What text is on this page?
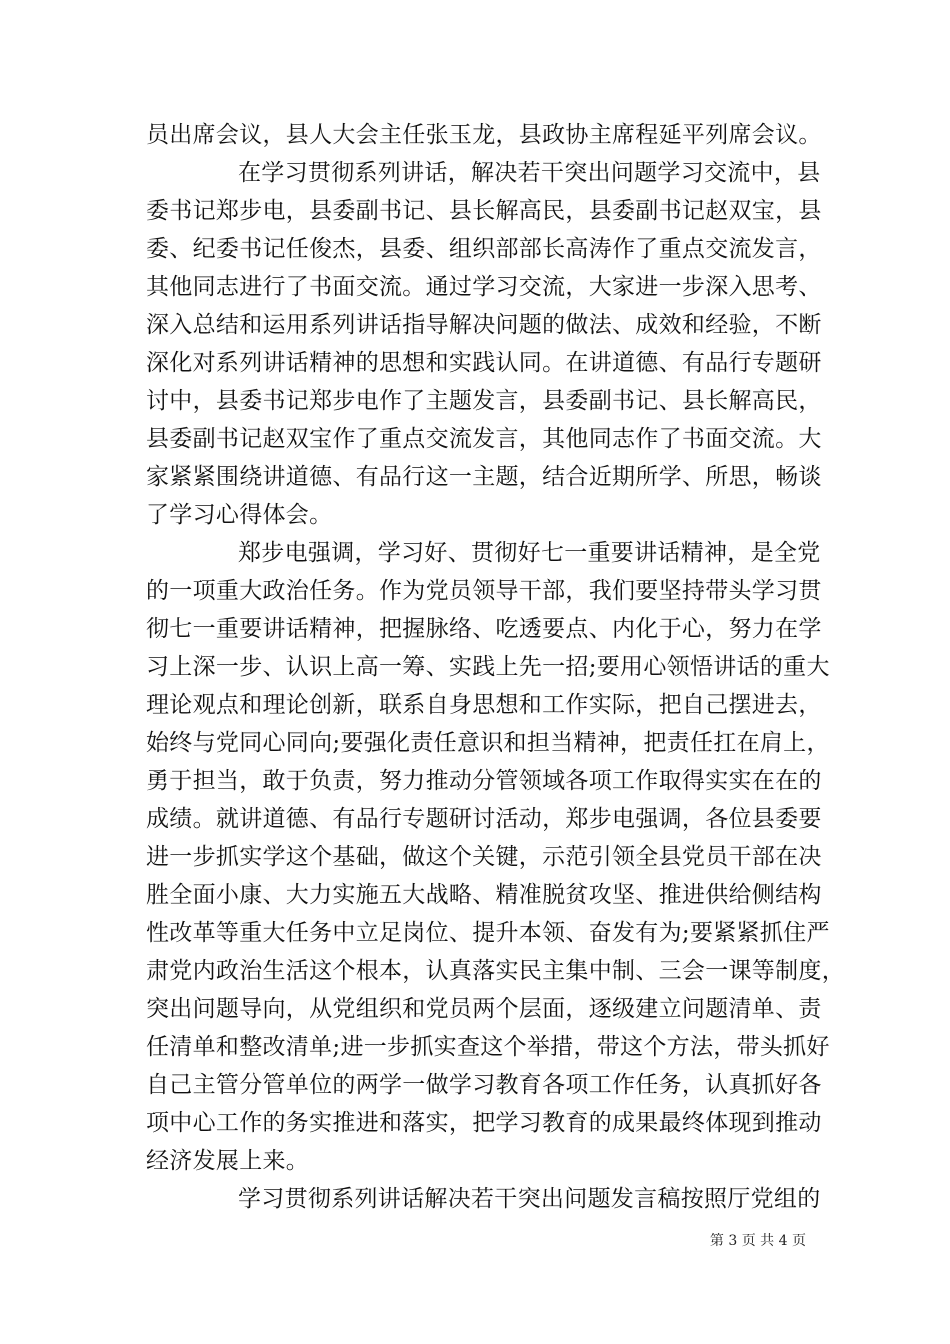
员出席会议，县人大会主任张玉龙，县政协主席程延平列席会议。
在学习贯彻系列讲话，解决若干突出问题学习交流中，县
委书记郑步电，县委副书记、县长解高民，县委副书记赵双宝，县
委、纪委书记任俊杰，县委、组织部部长高涛作了重点交流发言，
其他同志进行了书面交流。通过学习交流，大家进一步深入思考、
深入总结和运用系列讲话指导解决问题的做法、成效和经验，不断
深化对系列讲话精神的思想和实践认同。在讲道德、有品行专题研
讨中，县委书记郑步电作了主题发言，县委副书记、县长解高民，
县委副书记赵双宝作了重点交流发言，其他同志作了书面交流。大
家紧紧围绕讲道德、有品行这一主题，结合近期所学、所思，畅谈
了学习心得体会。
郑步电强调，学习好、贯彻好七一重要讲话精神，是全党
的一项重大政治任务。作为党员领导干部，我们要坚持带头学习贯
彻七一重要讲话精神，把握脉络、吃透要点、内化于心，努力在学
习上深一步、认识上高一筹、实践上先一招;要用心领悟讲话的重大
理论观点和理论创新，联系自身思想和工作实际，把自己摆进去，
始终与党同心同向;要强化责任意识和担当精神，把责任扛在肩上，
勇于担当，敢于负责，努力推动分管领域各项工作取得实实在在的
成绩。就讲道德、有品行专题研讨活动，郑步电强调，各位县委要
进一步抓实学这个基础，做这个关键，示范引领全县党员干部在决
胜全面小康、大力实施五大战略、精准脱贫攻坚、推进供给侧结构
性改革等重大任务中立足岗位、提升本领、奋发有为;要紧紧抓住严
肃党内政治生活这个根本，认真落实民主集中制、三会一课等制度，
突出问题导向，从党组织和党员两个层面，逐级建立问题清单、责
任清单和整改清单;进一步抓实查这个举措，带这个方法，带头抓好
自己主管分管单位的两学一做学习教育各项工作任务，认真抓好各
项中心工作的务实推进和落实，把学习教育的成果最终体现到推动
经济发展上来。
学习贯彻系列讲话解决若干突出问题发言稿按照厅党组的
第 3 页 共 4 页
